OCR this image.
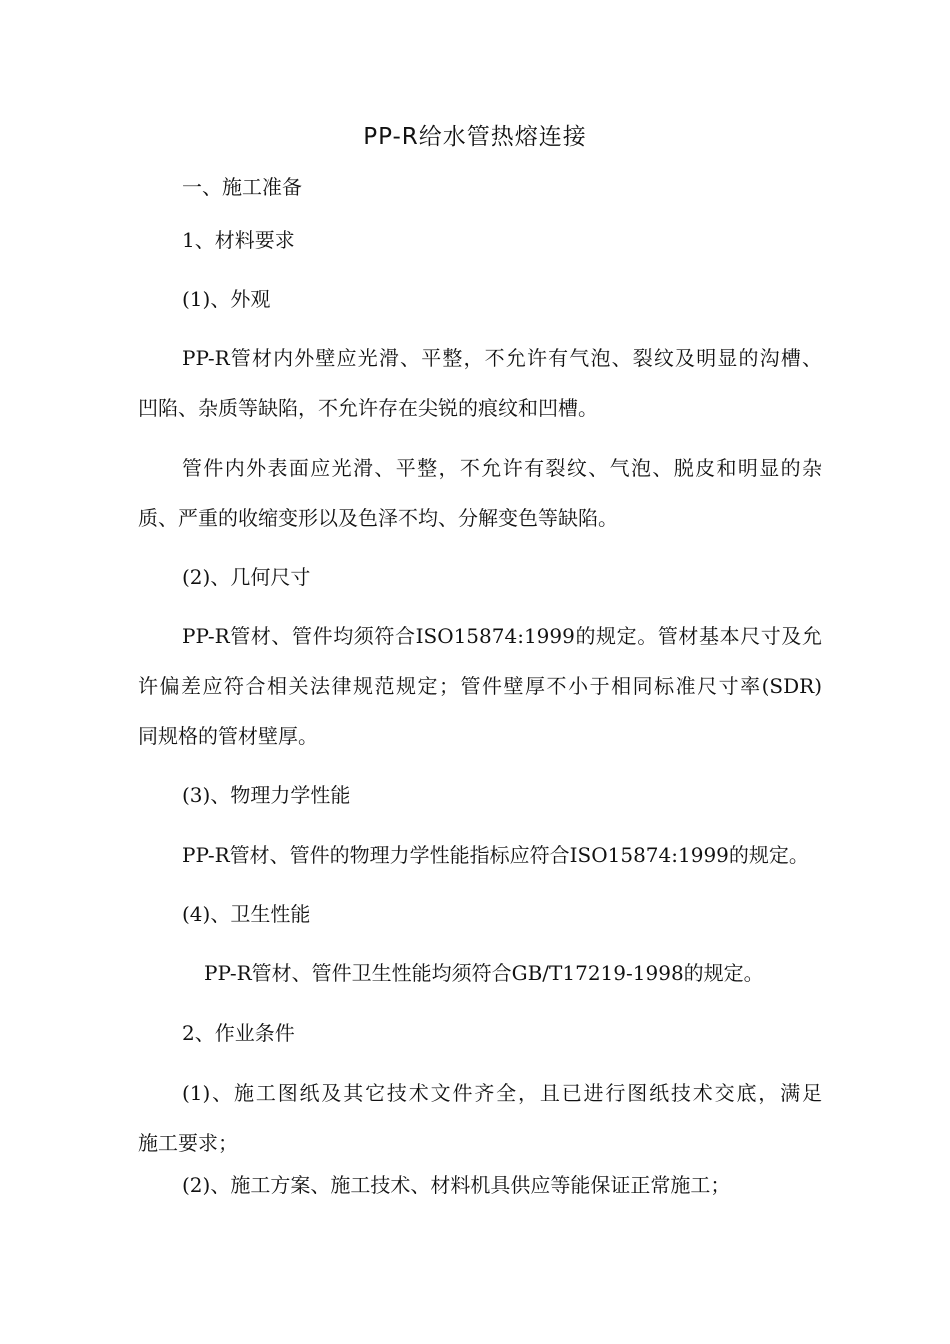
PP-R给水管热熔连接
一、施工准备
1、材料要求
(1)、外观
PP-R管材内外壁应光滑、平整，不允许有气泡、裂纹及明显的沟槽、
凹陷、杂质等缺陷，不允许存在尖锐的痕纹和凹槽。
管件内外表面应光滑、平整，不允许有裂纹、气泡、脱皮和明显的杂
质、严重的收缩变形以及色泽不均、分解变色等缺陷。
(2)、几何尺寸
PP-R管材、管件均须符合ISO15874:1999的规定。管材基本尺寸及允
许偏差应符合相关法律规范规定；管件壁厚不小于相同标准尺寸率(SDR)
同规格的管材壁厚。
(3)、物理力学性能
PP-R管材、管件的物理力学性能指标应符合ISO15874:1999的规定。
(4)、卫生性能
PP-R管材、管件卫生性能均须符合GB/T17219-1998的规定。
2、作业条件
(1)、施工图纸及其它技术文件齐全，且已进行图纸技术交底，满足
施工要求；
(2)、施工方案、施工技术、材料机具供应等能保证正常施工；
